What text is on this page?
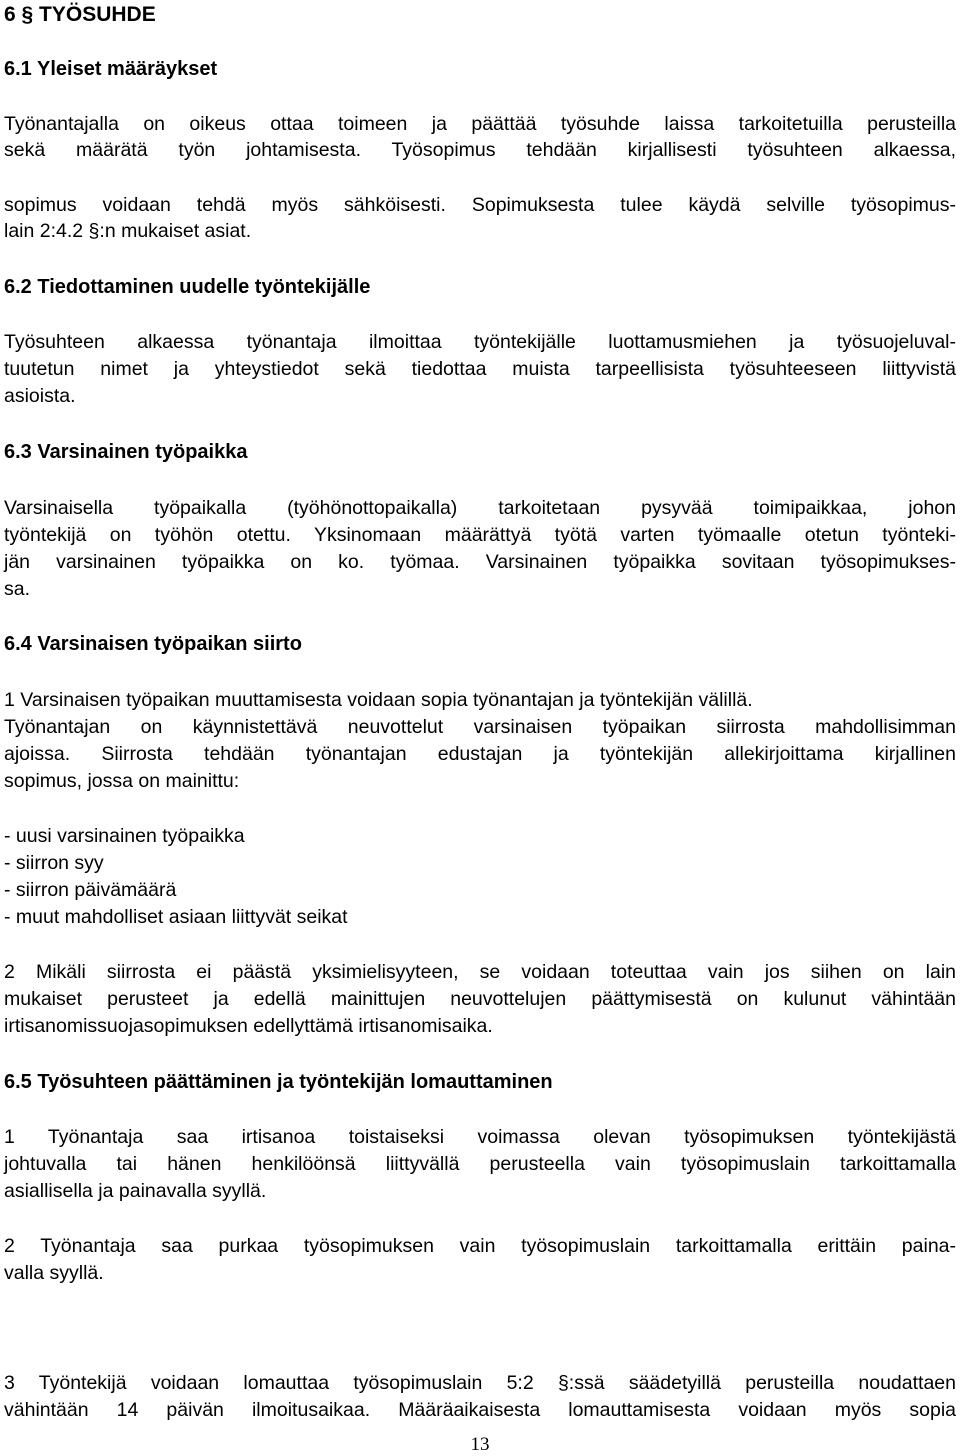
6 § TYÖSUHDE
6.1 Yleiset määräykset
Työnantajalla on oikeus ottaa toimeen ja päättää työsuhde laissa tarkoitetuilla perusteilla
sekä määrätä työn johtamisesta. Työsopimus tehdään kirjallisesti työsuhteen alkaessa,
sopimus voidaan tehdä myös sähköisesti. Sopimuksesta tulee käydä selville työsopimus-
lain 2:4.2 §:n mukaiset asiat.
6.2 Tiedottaminen uudelle työntekijälle
Työsuhteen alkaessa työnantaja ilmoittaa työntekijälle luottamusmiehen ja työsuojeluval-
tuutetun nimet ja yhteystiedot sekä tiedottaa muista tarpeellisista työsuhteeseen liittyvistä
asioista.
6.3 Varsinainen työpaikka
Varsinaisella työpaikalla (työhönottopaikalla) tarkoitetaan pysyvää toimipaikkaa, johon
työntekijä on työhön otettu. Yksinomaan määrättyä työtä varten työmaalle otetun työnteki-
jän varsinainen työpaikka on ko. työmaa. Varsinainen työpaikka sovitaan työsopimukses-
sa.
6.4 Varsinaisen työpaikan siirto
1 Varsinaisen työpaikan muuttamisesta voidaan sopia työnantajan ja työntekijän välillä.
Työnantajan on käynnistettävä neuvottelut varsinaisen työpaikan siirrosta mahdollisimman
ajoissa. Siirrosta tehdään työnantajan edustajan ja työntekijän allekirjoittama kirjallinen
sopimus, jossa on mainittu:
- uusi varsinainen työpaikka
- siirron syy
- siirron päivämäärä
- muut mahdolliset asiaan liittyvät seikat
2 Mikäli siirrosta ei päästä yksimielisyyteen, se voidaan toteuttaa vain jos siihen on lain
mukaiset perusteet ja edellä mainittujen neuvottelujen päättymisestä on kulunut vähintään
irtisanomissuojasopimuksen edellyttämä irtisanomisaika.
6.5 Työsuhteen päättäminen ja työntekijän lomauttaminen
1 Työnantaja saa irtisanoa toistaiseksi voimassa olevan työsopimuksen työntekijästä
johtuvalla tai hänen henkilöönsä liittyvällä perusteella vain työsopimuslain tarkoittamalla
asiallisella ja painavalla syyllä.
2 Työnantaja saa purkaa työsopimuksen vain työsopimuslain tarkoittamalla erittäin paina-
valla syyllä.
3 Työntekijä voidaan lomauttaa työsopimuslain 5:2 §:ssä säädetyillä perusteilla noudattaen
vähintään 14 päivän ilmoitusaikaa. Määräaikaisesta lomauttamisesta voidaan myös sopia
13
